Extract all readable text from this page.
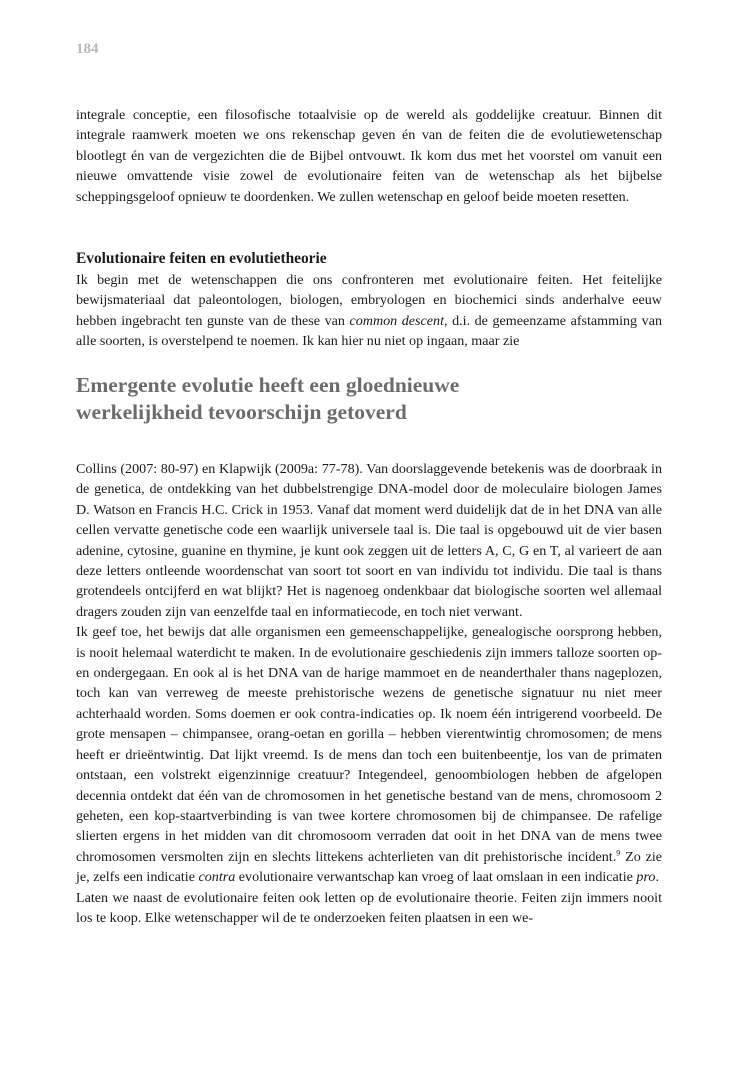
184

integrale conceptie, een filosofische totaalvisie op de wereld als goddelijke creatuur. Binnen dit integrale raamwerk moeten we ons rekenschap geven én van de feiten die de evolutiewetenschap blootlegt én van de vergezichten die de Bijbel ontvouwt. Ik kom dus met het voorstel om vanuit een nieuwe omvattende visie zowel de evolutionaire feiten van de wetenschap als het bijbelse scheppingsgeloof opnieuw te doordenken. We zullen wetenschap en geloof beide moeten resetten.

Evolutionaire feiten en evolutietheorie

Ik begin met de wetenschappen die ons confronteren met evolutionaire feiten. Het feitelijke bewijsmateriaal dat paleontologen, biologen, embryologen en biochemici sinds anderhalve eeuw hebben ingebracht ten gunste van de these van common descent, d.i. de gemeenzame afstamming van alle soorten, is overstelpend te noemen. Ik kan hier nu niet op ingaan, maar zie

Emergente evolutie heeft een gloednieuwe
werkelijkheid tevoorschijn getoverd

Collins (2007: 80-97) en Klapwijk (2009a: 77-78). Van doorslaggevende betekenis was de doorbraak in de genetica, de ontdekking van het dubbelstrengige DNA-model door de moleculaire biologen James D. Watson en Francis H.C. Crick in 1953. Vanaf dat moment werd duidelijk dat de in het DNA van alle cellen vervatte genetische code een waarlijk universele taal is. Die taal is opgebouwd uit de vier basen adenine, cytosine, guanine en thymine, je kunt ook zeggen uit de letters A, C, G en T, al varieert de aan deze letters ontleende woordenschat van soort tot soort en van individu tot individu. Die taal is thans grotendeels ontcijferd en wat blijkt? Het is nagenoeg ondenkbaar dat biologische soorten wel allemaal dragers zouden zijn van eenzelfde taal en informatiecode, en toch niet verwant.

Ik geef toe, het bewijs dat alle organismen een gemeenschappelijke, genealogische oorsprong hebben, is nooit helemaal waterdicht te maken. In de evolutionaire geschiedenis zijn immers talloze soorten op- en ondergegaan. En ook al is het DNA van de harige mammoet en de neanderthaler thans nageplozen, toch kan van verreweg de meeste prehistorische wezens de genetische signatuur nu niet meer achterhaald worden. Soms doemen er ook contra-indicaties op. Ik noem één intrigerend voorbeeld. De grote mensapen – chimpansee, orang-oetan en gorilla – hebben vierentwintig chromosomen; de mens heeft er drieëntwintig. Dat lijkt vreemd. Is de mens dan toch een buitenbeentje, los van de primaten ontstaan, een volstrekt eigenzinnige creatuur? Integendeel, genoombiologen hebben de afgelopen decennia ontdekt dat één van de chromosomen in het genetische bestand van de mens, chromosoom 2 geheten, een kop-staartverbinding is van twee kortere chromosomen bij de chimpansee. De rafelige slierten ergens in het midden van dit chromosoom verraden dat ooit in het DNA van de mens twee chromosomen versmolten zijn en slechts littekens achterlieten van dit prehistorische incident.$^9$ Zo zie je, zelfs een indicatie contra evolutionaire verwantschap kan vroeg of laat omslaan in een indicatie pro.

Laten we naast de evolutionaire feiten ook letten op de evolutionaire theorie. Feiten zijn immers nooit los te koop. Elke wetenschapper wil de te onderzoeken feiten plaatsen in een we-
